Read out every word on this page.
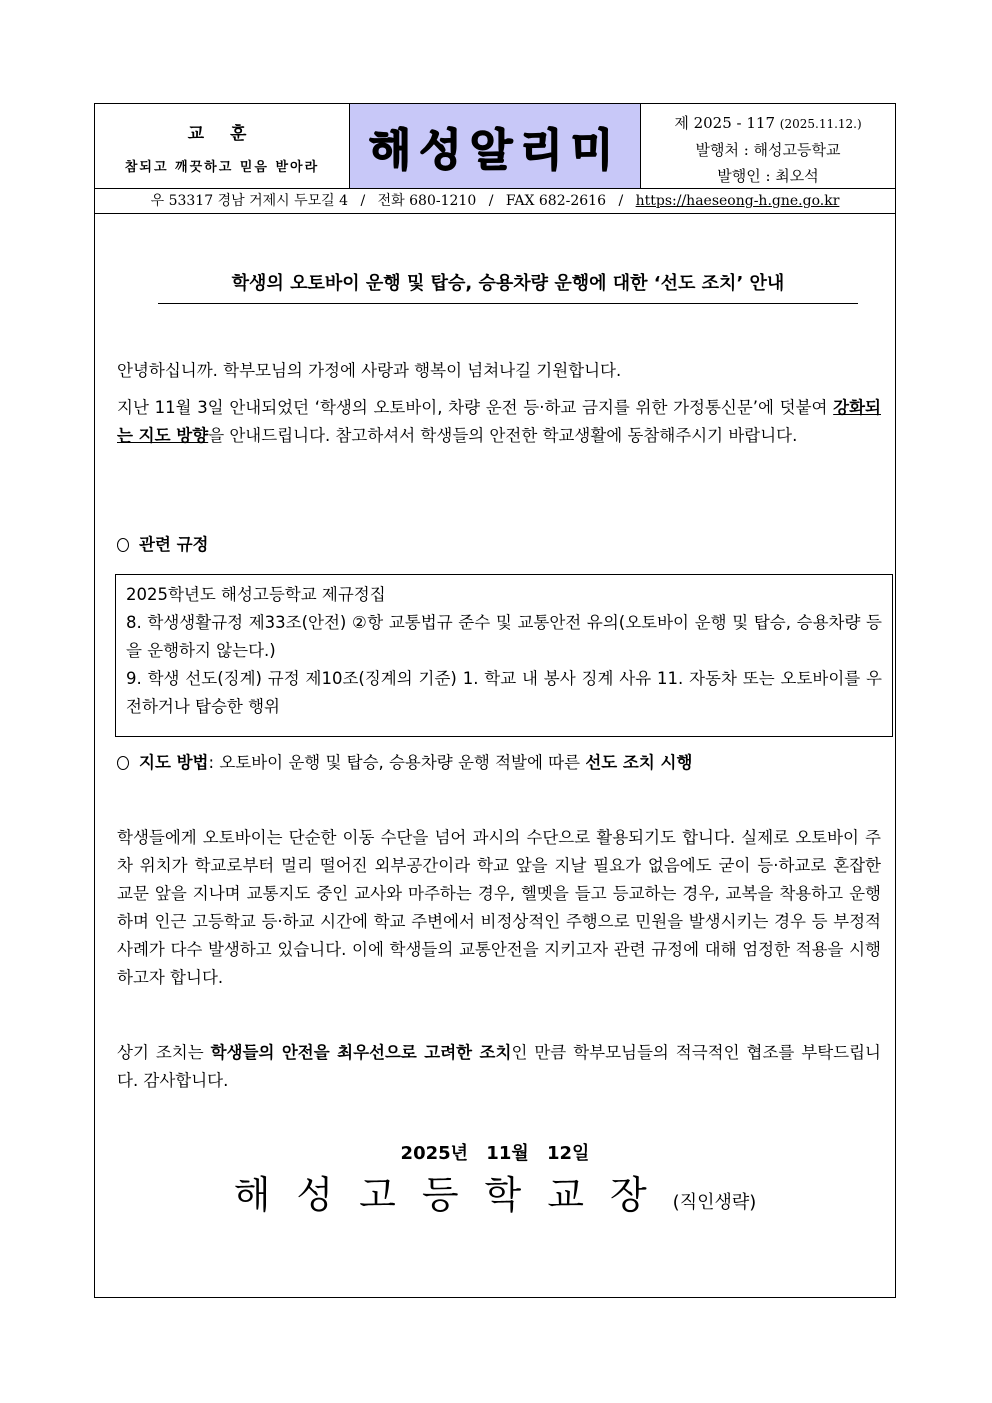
교 훈
참되고 깨끗하고 믿음 받아라	해성알리미
제 2025 - 117 (2025.11.12.)
발행처 : 해성고등학교
발행인 : 최오석
우 53317 경남 거제시 두모길 4 / 전화 680-1210 / FAX 682-2616 / https://haeseong-h.gne.go.kr
학생의 오토바이 운행 및 탑승, 승용차량 운행에 대한 ‘선도 조치’ 안내
안녕하십니까. 학부모님의 가정에 사랑과 행복이 넘쳐나길 기원합니다.
지난 11월 3일 안내되었던 ‘학생의 오토바이, 차량 운전 등·하교 금지를 위한 가정통신문’에 덧붙여 강화되는 지도 방향을 안내드립니다. 참고하셔서 학생들의 안전한 학교생활에 동참해주시기 바랍니다.
관련 규정
2025학년도 해성고등학교 제규정집
8. 학생생활규정 제33조(안전) ②항 교통법규 준수 및 교통안전 유의(오토바이 운행 및 탑승, 승용차량 등을 운행하지 않는다.)
9. 학생 선도(징계) 규정 제10조(징계의 기준) 1. 학교 내 봉사 징계 사유 11. 자동차 또는 오토바이를 우전하거나 탑승한 행위
지도 방법: 오토바이 운행 및 탑승, 승용차량 운행 적발에 따른 선도 조치 시행
학생들에게 오토바이는 단순한 이동 수단을 넘어 과시의 수단으로 활용되기도 합니다. 실제로 오토바이 주차 위치가 학교로부터 멀리 떨어진 외부공간이라 학교 앞을 지날 필요가 없음에도 굳이 등·하교로 혼잡한 교문 앞을 지나며 교통지도 중인 교사와 마주하는 경우, 헬멧을 들고 등교하는 경우, 교복을 착용하고 운행하며 인근 고등학교 등·하교 시간에 학교 주변에서 비정상적인 주행으로 민원을 발생시키는 경우 등 부정적 사례가 다수 발생하고 있습니다. 이에 학생들의 교통안전을 지키고자 관련 규정에 대해 엄정한 적용을 시행하고자 합니다.
상기 조치는 학생들의 안전을 최우선으로 고려한 조치인 만큼 학부모님들의 적극적인 협조를 부탁드립니다. 감사합니다.
2025년 11월 12일
해성고등학교장(직인생략)
